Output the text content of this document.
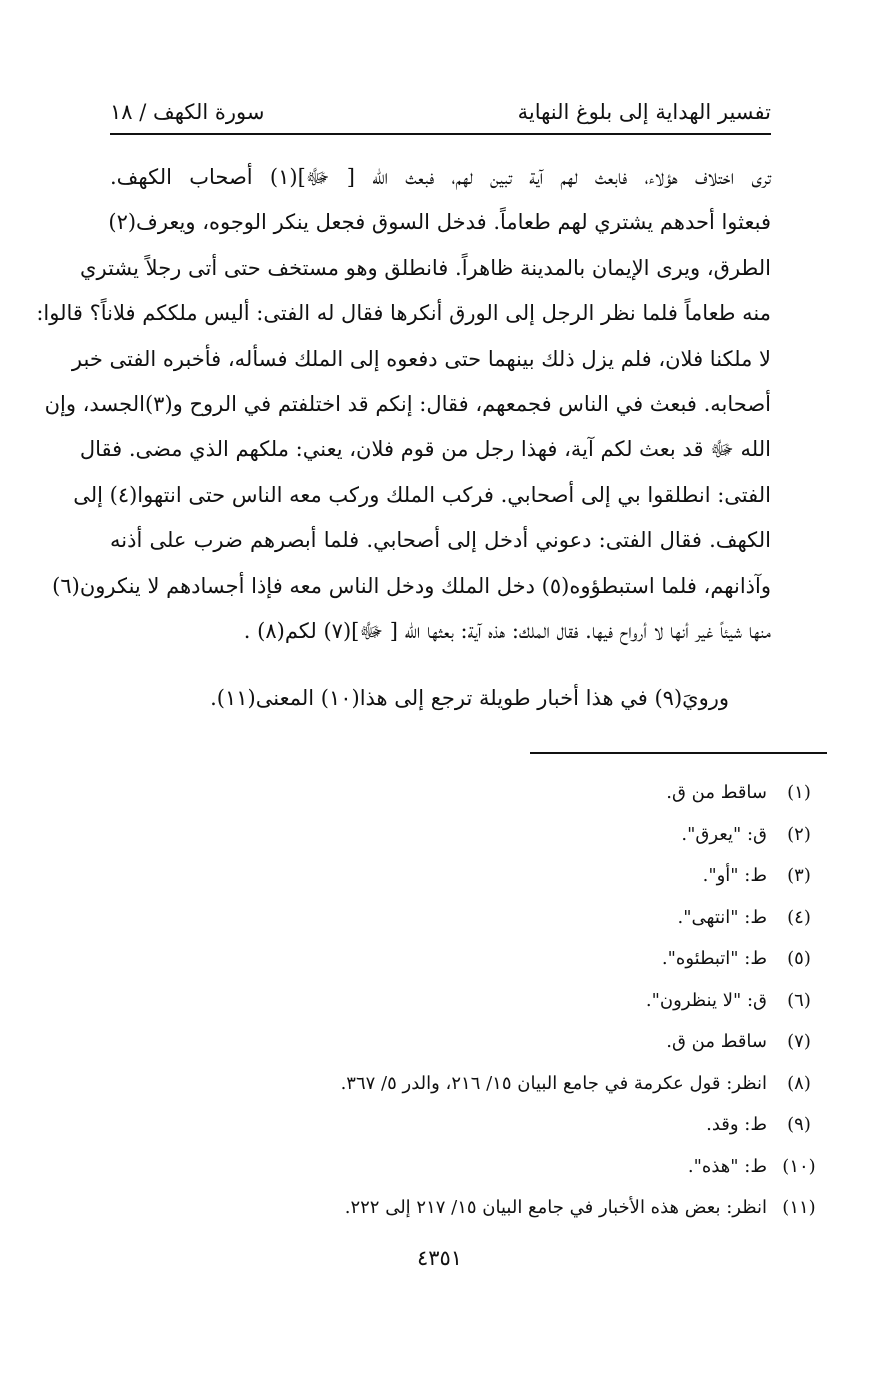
تفسير الهداية إلى بلوغ النهاية
سورة الكهف / ١٨

ترى اختلاف هؤلاء، فابعث لهم آية تبين لهم، فبعث الله [ ﷻ](١) أصحاب الكهف.
فبعثوا أحدهم يشتري لهم طعاماً. فدخل السوق فجعل ينكر الوجوه، ويعرف(٢)
الطرق، ويرى الإيمان بالمدينة ظاهراً. فانطلق وهو مستخف حتى أتى رجلاً يشتري
منه طعاماً فلما نظر الرجل إلى الورق أنكرها فقال له الفتى: أليس ملككم فلاناً؟ قالوا:
لا ملكنا فلان، فلم يزل ذلك بينهما حتى دفعوه إلى الملك فسأله، فأخبره الفتى خبر
أصحابه. فبعث في الناس فجمعهم، فقال: إنكم قد اختلفتم في الروح و(٣)الجسد، وإن
الله ﷻ قد بعث لكم آية، فهذا رجل من قوم فلان، يعني: ملكهم الذي مضى. فقال
الفتى: انطلقوا بي إلى أصحابي. فركب الملك وركب معه الناس حتى انتهوا(٤) إلى
الكهف. فقال الفتى: دعوني أدخل إلى أصحابي. فلما أبصرهم ضرب على أذنه
وآذانهم، فلما استبطؤوه(٥) دخل الملك ودخل الناس معه فإذا أجسادهم لا ينكرون(٦)
منها شيئاً غير أنها لا أرواح فيها. فقال الملك: هذه آية: بعثها الله [ ﷻ](٧) لكم(٨) .

ورويَ(٩) في هذا أخبار طويلة ترجع إلى هذا(١٠) المعنى(١١).
(١)
ساقط من ق.
(٢)
ق: "يعرق".
(٣)
ط: "أو".
(٤)
ط: "انتهى".
(٥)
ط: "اتبطئوه".
(٦)
ق: "لا ينظرون".
(٧)
ساقط من ق.
(٨)
انظر: قول عكرمة في جامع البيان ١٥/ ٢١٦، والدر ٥/ ٣٦٧.
(٩)
ط: وقد.
(١٠)
ط: "هذه".
(١١)
انظر: بعض هذه الأخبار في جامع البيان ١٥/ ٢١٧ إلى ٢٢٢.
٤٣٥١
